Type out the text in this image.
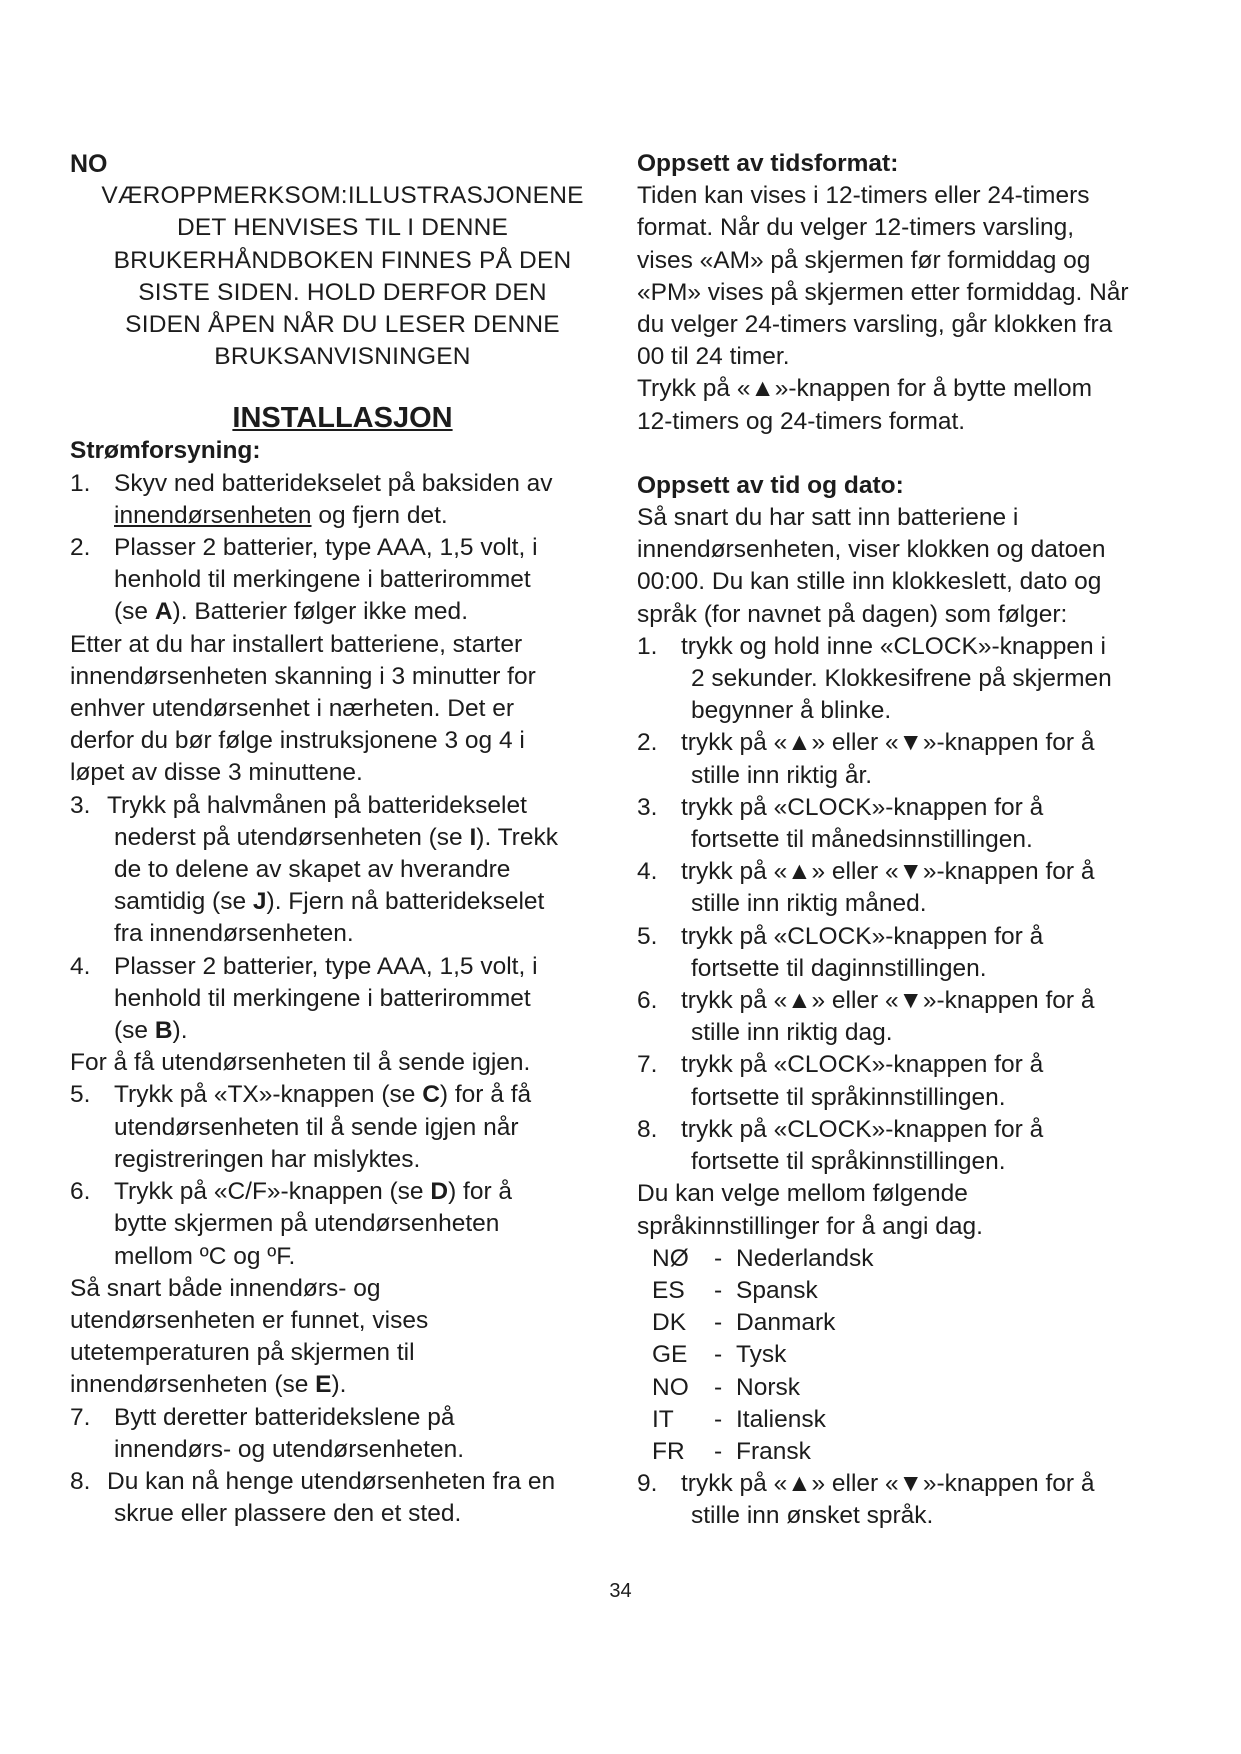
NO
VÆROPPMERKSOM:ILLUSTRASJONENE
DET HENVISES TIL I DENNE
BRUKERHÅNDBOKEN FINNES PÅ DEN
SISTE SIDEN. HOLD DERFOR DEN
SIDEN ÅPEN NÅR DU LESER DENNE
BRUKSANVISNINGEN
INSTALLASJON
Strømforsyning:
1. Skyv ned batteridekselet på baksiden av
innendørsenheten og fjern det.
2. Plasser 2 batterier, type AAA, 1,5 volt, i
henhold til merkingene i batterirommet
(se A). Batterier følger ikke med.
Etter at du har installert batteriene, starter
innendørsenheten skanning i 3 minutter for
enhver utendørsenhet i nærheten. Det er
derfor du bør følge instruksjonene 3 og 4 i
løpet av disse 3 minuttene.
3. Trykk på halvmånen på batteridekselet
nederst på utendørsenheten (se I). Trekk
de to delene av skapet av hverandre
samtidig (se J). Fjern nå batteridekselet
fra innendørsenheten.
4. Plasser 2 batterier, type AAA, 1,5 volt, i
henhold til merkingene i batterirommet
(se B).
For å få utendørsenheten til å sende igjen.
5. Trykk på «TX»-knappen (se C) for å få
utendørsenheten til å sende igjen når
registreringen har mislyktes.
6. Trykk på «C/F»-knappen (se D) for å
bytte skjermen på utendørsenheten
mellom ºC og ºF.
Så snart både innendørs- og
utendørsenheten er funnet, vises
utetemperaturen på skjermen til
innendørsenheten (se E).
7. Bytt deretter batteridekslene på
innendørs- og utendørsenheten.
8. Du kan nå henge utendørsenheten fra en
skrue eller plassere den et sted.
Oppsett av tidsformat:
Tiden kan vises i 12-timers eller 24-timers
format. Når du velger 12-timers varsling,
vises «AM» på skjermen før formiddag og
«PM» vises på skjermen etter formiddag. Når
du velger 24-timers varsling, går klokken fra
00 til 24 timer.
Trykk på «▲»-knappen for å bytte mellom
12-timers og 24-timers format.
Oppsett av tid og dato:
Så snart du har satt inn batteriene i
innendørsenheten, viser klokken og datoen
00:00. Du kan stille inn klokkeslett, dato og
språk (for navnet på dagen) som følger:
1. trykk og hold inne «CLOCK»-knappen i
2 sekunder. Klokkesifrene på skjermen
begynner å blinke.
2. trykk på «▲» eller «▼»-knappen for å
stille inn riktig år.
3. trykk på «CLOCK»-knappen for å
fortsette til månedsinnstillingen.
4. trykk på «▲» eller «▼»-knappen for å
stille inn riktig måned.
5. trykk på «CLOCK»-knappen for å
fortsette til daginnstillingen.
6. trykk på «▲» eller «▼»-knappen for å
stille inn riktig dag.
7. trykk på «CLOCK»-knappen for å
fortsette til språkinnstillingen.
8. trykk på «CLOCK»-knappen for å
fortsette til språkinnstillingen.
Du kan velge mellom følgende
språkinnstillinger for å angi dag.
NØ	- Nederlandsk
ES	- Spansk
DK	- Danmark
GE	- Tysk
NO	- Norsk
IT	- Italiensk
FR	- Fransk
9. trykk på «▲» eller «▼»-knappen for å
stille inn ønsket språk.
34
